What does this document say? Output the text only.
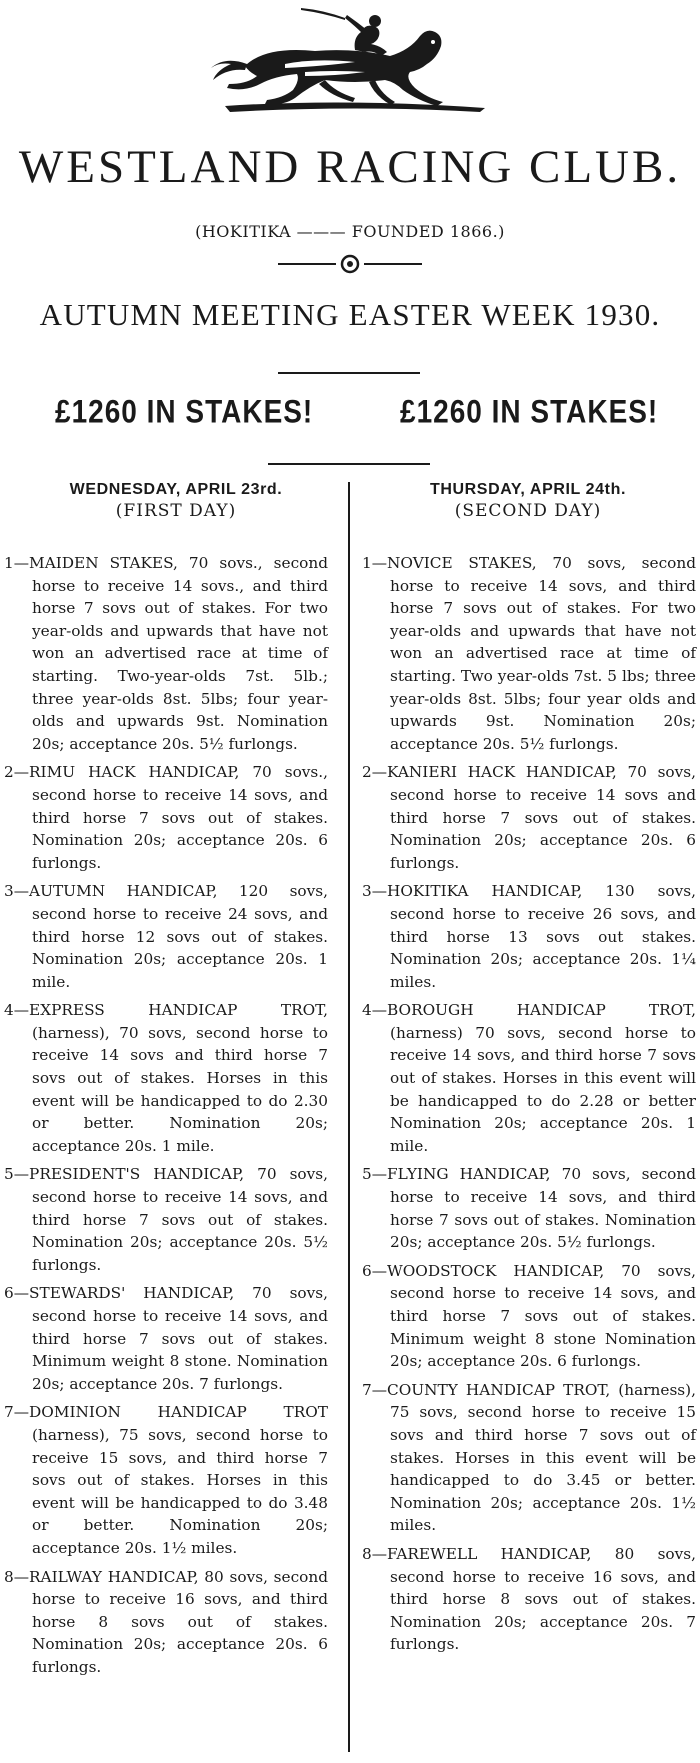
WESTLAND RACING CLUB.
(HOKITIKA ——— FOUNDED 1866.)
AUTUMN MEETING EASTER WEEK 1930.
£1260 IN STAKES!	£1260 IN STAKES!
WEDNESDAY, APRIL 23rd.
(FIRST DAY)
THURSDAY, APRIL 24th.
(SECOND DAY)

1—MAIDEN STAKES, 70 sovs., second horse to receive 14 sovs., and third horse 7 sovs out of stakes. For two year-olds and upwards that have not won an advertised race at time of starting. Two-year-olds 7st. 5lb.; three year-olds 8st. 5lbs; four year-olds and upwards 9st. Nomination 20s; acceptance 20s. 5½ furlongs.

2—RIMU HACK HANDICAP, 70 sovs., second horse to receive 14 sovs, and third horse 7 sovs out of stakes. Nomination 20s; acceptance 20s. 6 furlongs.

3—AUTUMN HANDICAP, 120 sovs, second horse to receive 24 sovs, and third horse 12 sovs out of stakes. Nomination 20s; acceptance 20s. 1 mile.

4—EXPRESS HANDICAP TROT, (harness), 70 sovs, second horse to receive 14 sovs and third horse 7 sovs out of stakes. Horses in this event will be handicapped to do 2.30 or better. Nomination 20s; acceptance 20s. 1 mile.

5—PRESIDENT'S HANDICAP, 70 sovs, second horse to receive 14 sovs, and third horse 7 sovs out of stakes. Nomination 20s; acceptance 20s. 5½ furlongs.

6—STEWARDS' HANDICAP, 70 sovs, second horse to receive 14 sovs, and third horse 7 sovs out of stakes. Minimum weight 8 stone. Nomination 20s; acceptance 20s. 7 furlongs.

7—DOMINION HANDICAP TROT (harness), 75 sovs, second horse to receive 15 sovs, and third horse 7 sovs out of stakes. Horses in this event will be handicapped to do 3.48 or better. Nomination 20s; acceptance 20s. 1½ miles.

8—RAILWAY HANDICAP, 80 sovs, second horse to receive 16 sovs, and third horse 8 sovs out of stakes. Nomination 20s; acceptance 20s. 6 furlongs.

1—NOVICE STAKES, 70 sovs, second horse to receive 14 sovs, and third horse 7 sovs out of stakes. For two year-olds and upwards that have not won an advertised race at time of starting. Two year-olds 7st. 5 lbs; three year-olds 8st. 5lbs; four year olds and upwards 9st. Nomination 20s; acceptance 20s. 5½ furlongs.

2—KANIERI HACK HANDICAP, 70 sovs, second horse to receive 14 sovs and third horse 7 sovs out of stakes. Nomination 20s; acceptance 20s. 6 furlongs.

3—HOKITIKA HANDICAP, 130 sovs, second horse to receive 26 sovs, and third horse 13 sovs out stakes. Nomination 20s; acceptance 20s. 1¼ miles.

4—BOROUGH HANDICAP TROT, (harness) 70 sovs, second horse to receive 14 sovs, and third horse 7 sovs out of stakes. Horses in this event will be handicapped to do 2.28 or better Nomination 20s; acceptance 20s. 1 mile.

5—FLYING HANDICAP, 70 sovs, second horse to receive 14 sovs, and third horse 7 sovs out of stakes. Nomination 20s; acceptance 20s. 5½ furlongs.

6—WOODSTOCK HANDICAP, 70 sovs, second horse to receive 14 sovs, and third horse 7 sovs out of stakes. Minimum weight 8 stone Nomination 20s; acceptance 20s. 6 furlongs.

7—COUNTY HANDICAP TROT, (harness), 75 sovs, second horse to receive 15 sovs and third horse 7 sovs out of stakes. Horses in this event will be handicapped to do 3.45 or better. Nomination 20s; acceptance 20s. 1½ miles.

8—FAREWELL HANDICAP, 80 sovs, second horse to receive 16 sovs, and third horse 8 sovs out of stakes. Nomination 20s; acceptance 20s. 7 furlongs.
